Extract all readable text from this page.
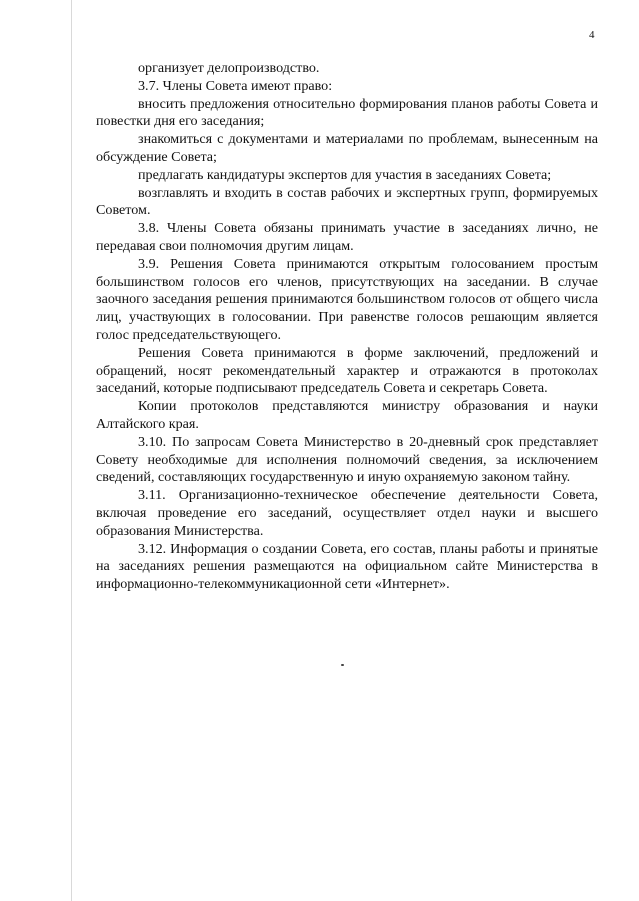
4

организует делопроизводство.

3.7. Члены Совета имеют право:

вносить предложения относительно формирования планов работы Совета и повестки дня его заседания;

знакомиться с документами и материалами по проблемам, вынесенным на обсуждение Совета;

предлагать кандидатуры экспертов для участия в заседаниях Совета;

возглавлять и входить в состав рабочих и экспертных групп, формируемых Советом.

3.8. Члены Совета обязаны принимать участие в заседаниях лично, не передавая свои полномочия другим лицам.

3.9. Решения Совета принимаются открытым голосованием простым большинством голосов его членов, присутствующих на заседании. В случае заочного заседания решения принимаются большинством голосов от общего числа лиц, участвующих в голосовании. При равенстве голосов решающим является голос председательствующего.

Решения Совета принимаются в форме заключений, предложений и обращений, носят рекомендательный характер и отражаются в протоколах заседаний, которые подписывают председатель Совета и секретарь Совета.

Копии протоколов представляются министру образования и науки Алтайского края.

3.10. По запросам Совета Министерство в 20-дневный срок представляет Совету необходимые для исполнения полномочий сведения, за исключением сведений, составляющих государственную и иную охраняемую законом тайну.

3.11. Организационно-техническое обеспечение деятельности Совета, включая проведение его заседаний, осуществляет отдел науки и высшего образования Министерства.

3.12. Информация о создании Совета, его состав, планы работы и принятые на заседаниях решения размещаются на официальном сайте Министерства в информационно-телекоммуникационной сети «Интернет».
